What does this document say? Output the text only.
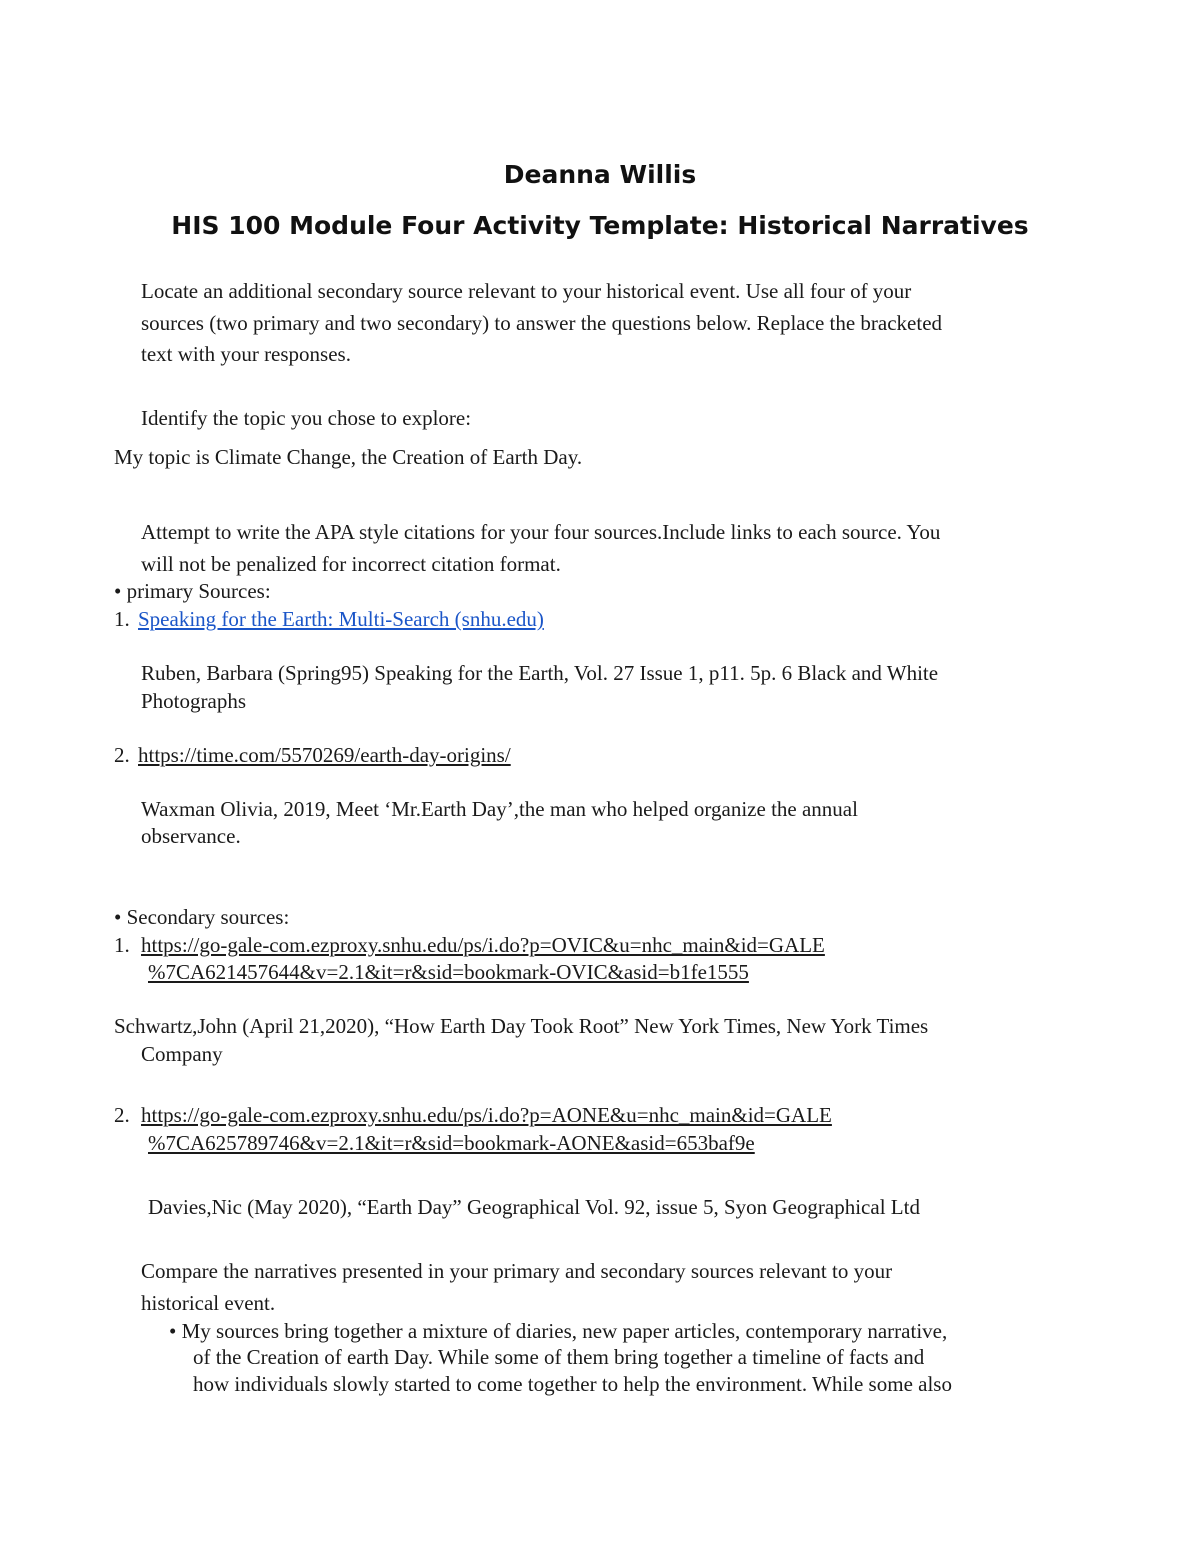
Deanna Willis
HIS 100 Module Four Activity Template: Historical Narratives
Locate an additional secondary source relevant to your historical event. Use all four of your
sources (two primary and two secondary) to answer the questions below. Replace the bracketed
text with your responses.
Identify the topic you chose to explore:
My topic is Climate Change, the Creation of Earth Day.
Attempt to write the APA style citations for your four sources.Include links to each source. You
will not be penalized for incorrect citation format.
• primary Sources:
1. Speaking for the Earth: Multi-Search (snhu.edu)
Ruben, Barbara (Spring95) Speaking for the Earth, Vol. 27 Issue 1, p11. 5p. 6 Black and White
Photographs
2. https://time.com/5570269/earth-day-origins/
Waxman Olivia, 2019, Meet ‘Mr.Earth Day’,the man who helped organize the annual
observance.
• Secondary sources:
1. https://go-gale-com.ezproxy.snhu.edu/ps/i.do?p=OVIC&u=nhc_main&id=GALE
%7CA621457644&v=2.1&it=r&sid=bookmark-OVIC&asid=b1fe1555
Schwartz,John (April 21,2020), “How Earth Day Took Root” New York Times, New York Times
Company
2. https://go-gale-com.ezproxy.snhu.edu/ps/i.do?p=AONE&u=nhc_main&id=GALE
%7CA625789746&v=2.1&it=r&sid=bookmark-AONE&asid=653baf9e
Davies,Nic (May 2020), “Earth Day” Geographical Vol. 92, issue 5, Syon Geographical Ltd
Compare the narratives presented in your primary and secondary sources relevant to your
historical event.
• My sources bring together a mixture of diaries, new paper articles, contemporary narrative,
of the Creation of earth Day. While some of them bring together a timeline of facts and
how individuals slowly started to come together to help the environment. While some also
